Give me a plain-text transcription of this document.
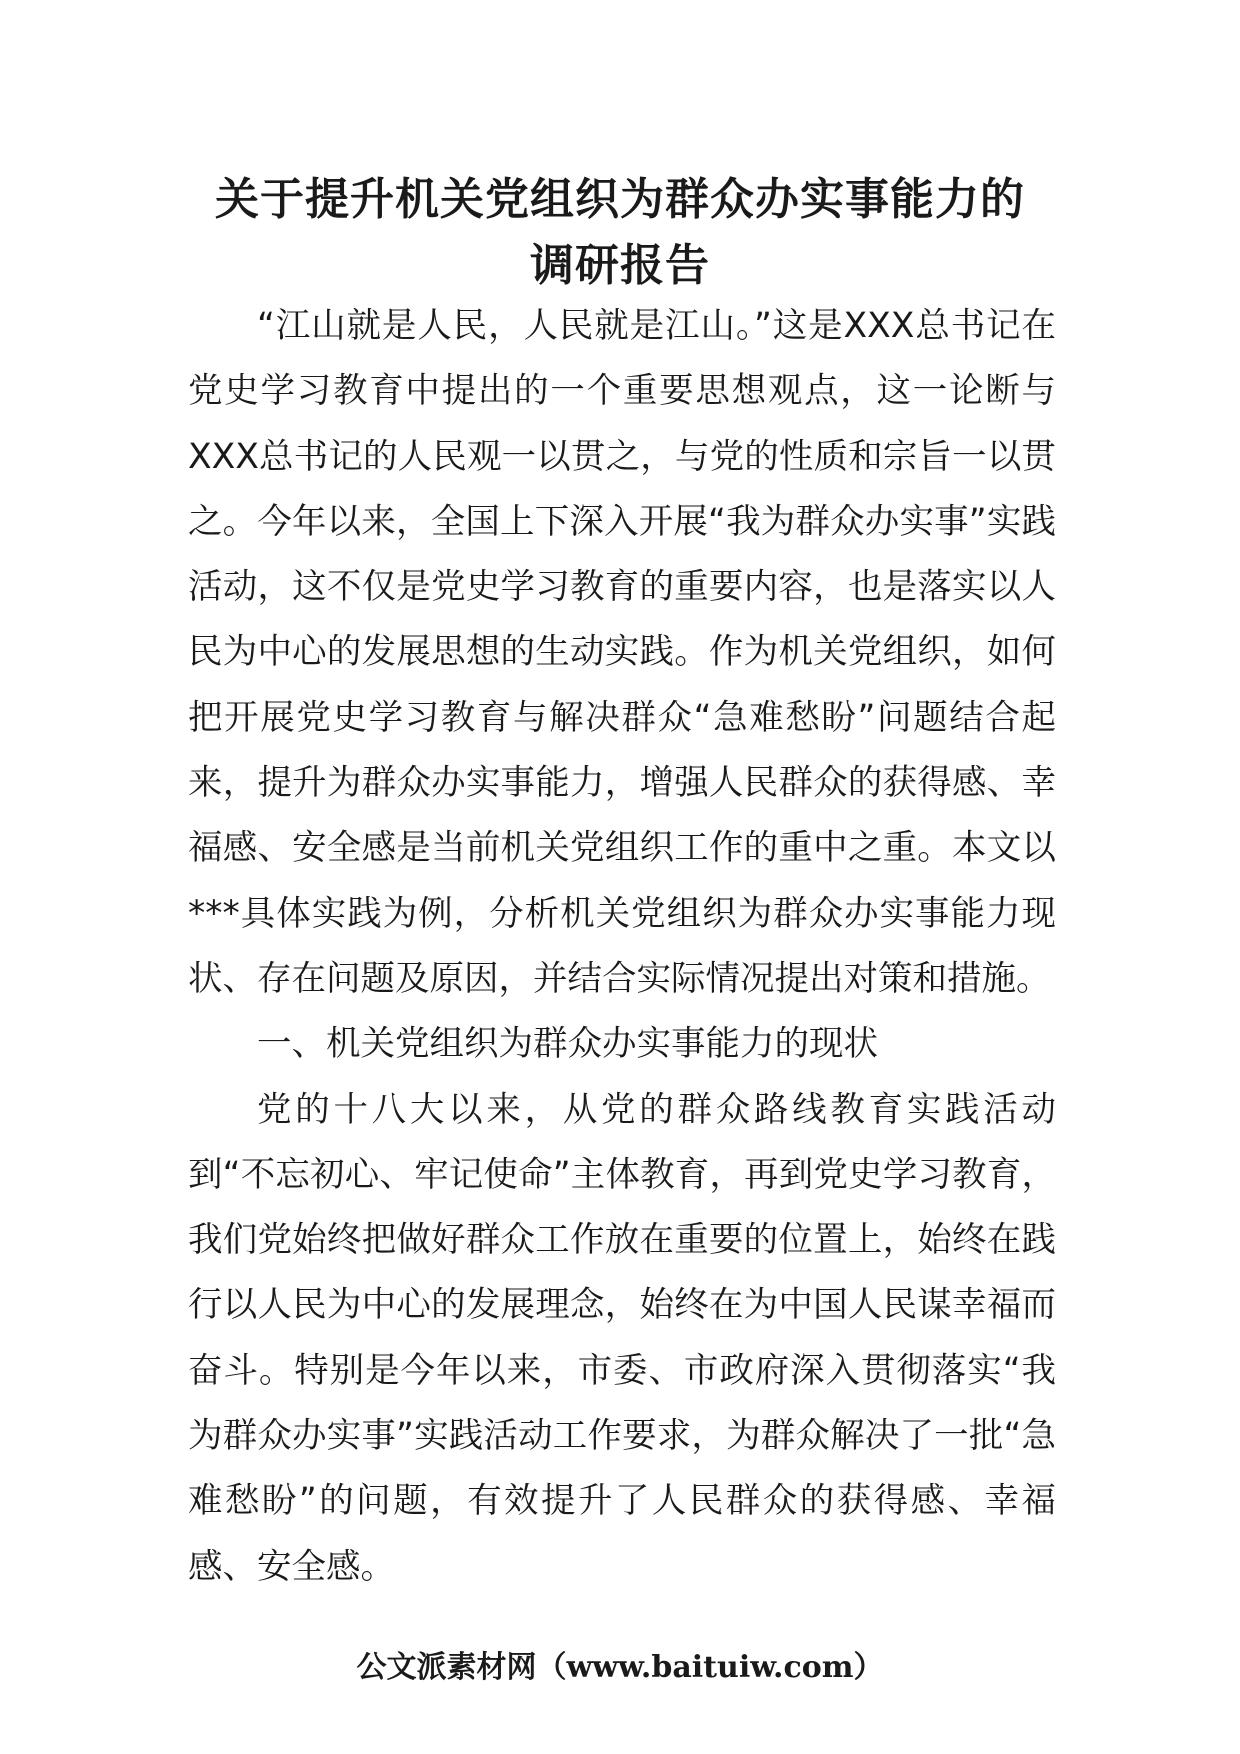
关于提升机关党组织为群众办实事能力的
调研报告

“江山就是人民，人民就是江山。”这是XXX总书记在党史学习教育中提出的一个重要思想观点，这一论断与XXX总书记的人民观一以贯之，与党的性质和宗旨一以贯之。今年以来，全国上下深入开展“我为群众办实事”实践活动，这不仅是党史学习教育的重要内容，也是落实以人民为中心的发展思想的生动实践。作为机关党组织，如何把开展党史学习教育与解决群众“急难愁盼”问题结合起来，提升为群众办实事能力，增强人民群众的获得感、幸福感、安全感是当前机关党组织工作的重中之重。本文以***具体实践为例，分析机关党组织为群众办实事能力现状、存在问题及原因，并结合实际情况提出对策和措施。

一、机关党组织为群众办实事能力的现状

党的十八大以来，从党的群众路线教育实践活动到“不忘初心、牢记使命”主体教育，再到党史学习教育，我们党始终把做好群众工作放在重要的位置上，始终在践行以人民为中心的发展理念，始终在为中国人民谋幸福而奋斗。特别是今年以来，市委、市政府深入贯彻落实“我为群众办实事”实践活动工作要求，为群众解决了一批“急难愁盼”的问题，有效提升了人民群众的获得感、幸福感、安全感。

公文派素材网（www.baituiw.com）
